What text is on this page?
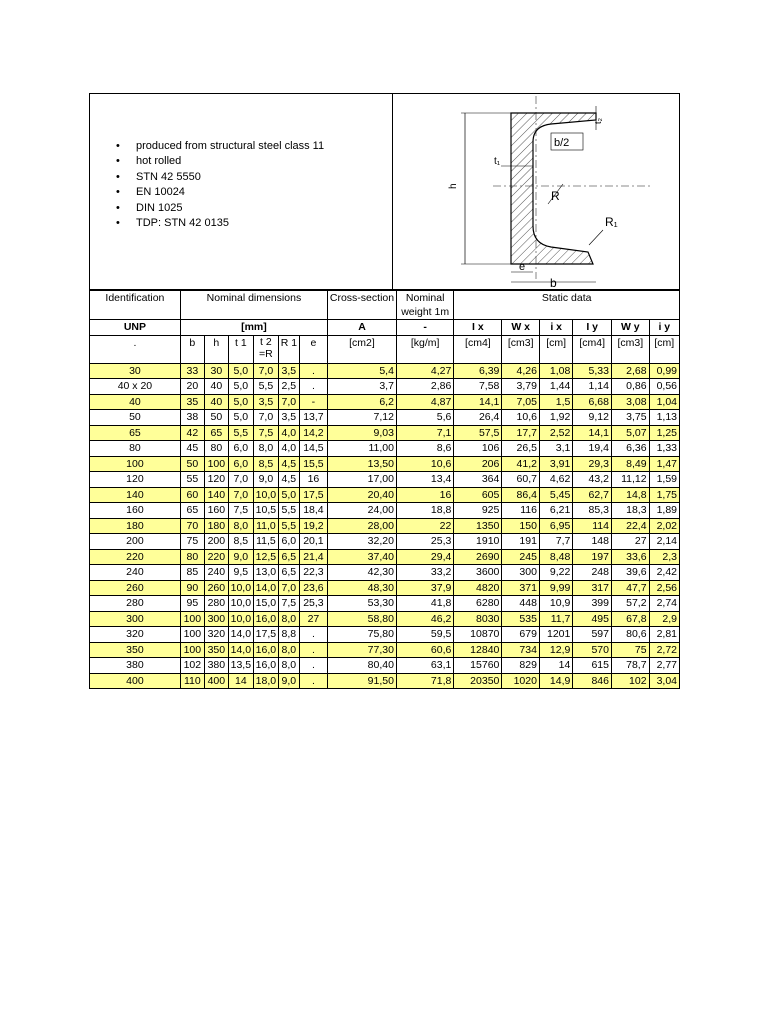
• produced from structural steel class 11
• hot rolled
• STN 42 5550
• EN 10024
• DIN 1025
• TDP: STN 42 0135
h
t₂
b/2
t₁
R
R₁
e
b
Identification	Nominal dimensions						Cross-section	Nominal weight 1m	Static data					
UNP	[mm]						A	-	I x	W x	i x	I y	W y	i y
.	b	h	t 1	t 2 =R	R 1	e	[cm2]	[kg/m]	[cm4]	[cm3]	[cm]	[cm4]	[cm3]	[cm]
30	33	30	5,0	7,0	3,5	.	5,4	4,27	6,39	4,26	1,08	5,33	2,68	0,99
40 x 20	20	40	5,0	5,5	2,5	.	3,7	2,86	7,58	3,79	1,44	1,14	0,86	0,56
40	35	40	5,0	3,5	7,0	-	6,2	4,87	14,1	7,05	1,5	6,68	3,08	1,04
50	38	50	5,0	7,0	3,5	13,7	7,12	5,6	26,4	10,6	1,92	9,12	3,75	1,13
65	42	65	5,5	7,5	4,0	14,2	9,03	7,1	57,5	17,7	2,52	14,1	5,07	1,25
80	45	80	6,0	8,0	4,0	14,5	11,00	8,6	106	26,5	3,1	19,4	6,36	1,33
100	50	100	6,0	8,5	4,5	15,5	13,50	10,6	206	41,2	3,91	29,3	8,49	1,47
120	55	120	7,0	9,0	4,5	16	17,00	13,4	364	60,7	4,62	43,2	11,12	1,59
140	60	140	7,0	10,0	5,0	17,5	20,40	16	605	86,4	5,45	62,7	14,8	1,75
160	65	160	7,5	10,5	5,5	18,4	24,00	18,8	925	116	6,21	85,3	18,3	1,89
180	70	180	8,0	11,0	5,5	19,2	28,00	22	1350	150	6,95	114	22,4	2,02
200	75	200	8,5	11,5	6,0	20,1	32,20	25,3	1910	191	7,7	148	27	2,14
220	80	220	9,0	12,5	6,5	21,4	37,40	29,4	2690	245	8,48	197	33,6	2,3
240	85	240	9,5	13,0	6,5	22,3	42,30	33,2	3600	300	9,22	248	39,6	2,42
260	90	260	10,0	14,0	7,0	23,6	48,30	37,9	4820	371	9,99	317	47,7	2,56
280	95	280	10,0	15,0	7,5	25,3	53,30	41,8	6280	448	10,9	399	57,2	2,74
300	100	300	10,0	16,0	8,0	27	58,80	46,2	8030	535	11,7	495	67,8	2,9
320	100	320	14,0	17,5	8,8	.	75,80	59,5	10870	679	1201	597	80,6	2,81
350	100	350	14,0	16,0	8,0	.	77,30	60,6	12840	734	12,9	570	75	2,72
380	102	380	13,5	16,0	8,0	.	80,40	63,1	15760	829	14	615	78,7	2,77
400	110	400	14	18,0	9,0	.	91,50	71,8	20350	1020	14,9	846	102	3,04
